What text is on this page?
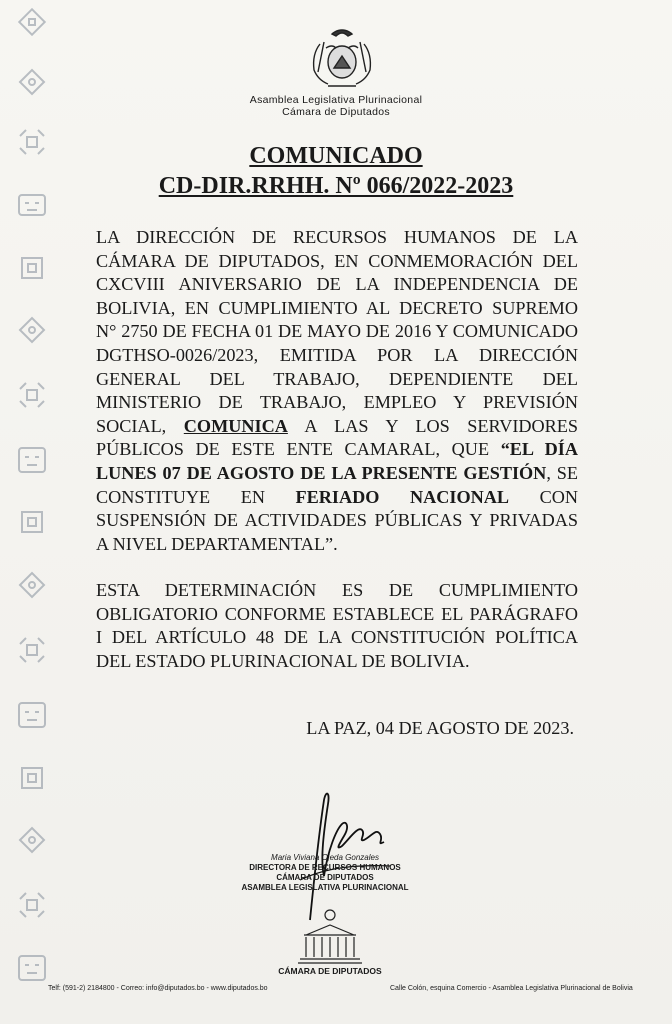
Asamblea Legislativa Plurinacional
Cámara de Diputados
COMUNICADO
CD-DIR.RRHH. Nº 066/2022-2023
LA DIRECCIÓN DE RECURSOS HUMANOS DE LA CÁMARA DE DIPUTADOS, EN CONMEMORACIÓN DEL CXCVIII ANIVERSARIO DE LA INDEPENDENCIA DE BOLIVIA, EN CUMPLIMIENTO AL DECRETO SUPREMO N° 2750 DE FECHA 01 DE MAYO DE 2016 Y COMUNICADO DGTHSO-0026/2023, EMITIDA POR LA DIRECCIÓN GENERAL DEL TRABAJO, DEPENDIENTE DEL MINISTERIO DE TRABAJO, EMPLEO Y PREVISIÓN SOCIAL, COMUNICA A LAS Y LOS SERVIDORES PÚBLICOS DE ESTE ENTE CAMARAL, QUE “EL DÍA LUNES 07 DE AGOSTO DE LA PRESENTE GESTIÓN, SE CONSTITUYE EN FERIADO NACIONAL CON SUSPENSIÓN DE ACTIVIDADES PÚBLICAS Y PRIVADAS A NIVEL DEPARTAMENTAL”.
ESTA DETERMINACIÓN ES DE CUMPLIMIENTO OBLIGATORIO CONFORME ESTABLECE EL PARÁGRAFO I DEL ARTÍCULO 48 DE LA CONSTITUCIÓN POLÍTICA DEL ESTADO PLURINACIONAL DE BOLIVIA.
LA PAZ, 04 DE AGOSTO DE 2023.
Maria Viviana Ojeda Gonzales
DIRECTORA DE RECURSOS HUMANOS
CÁMARA DE DIPUTADOS
ASAMBLEA LEGISLATIVA PLURINACIONAL
CÁMARA DE DIPUTADOS
Telf: (591-2) 2184800 - Correo: info@diputados.bo - www.diputados.bo	Calle Colón, esquina Comercio - Asamblea Legislativa Plurinacional de Bolivia
